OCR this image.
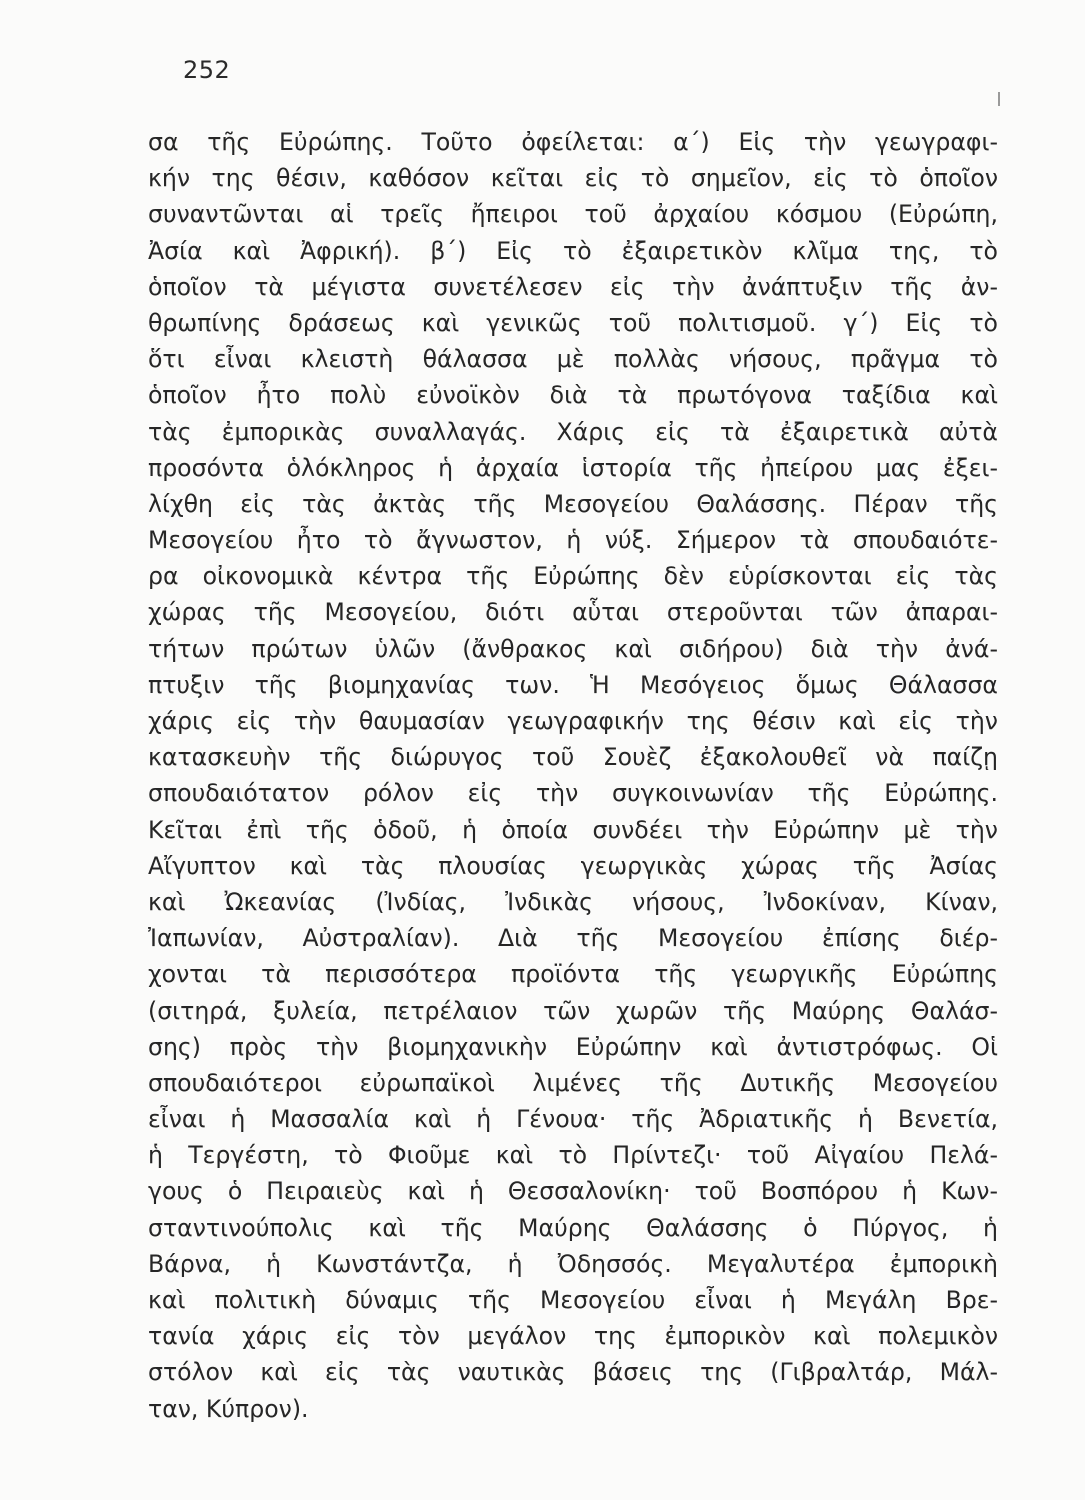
252
σα τῆς Εὐρώπης. Τοῦτο ὀφείλεται: α΄) Εἰς τὴν γεωγραφι-
κήν της θέσιν, καθόσον κεῖται εἰς τὸ σημεῖον, εἰς τὸ ὁποῖον
συναντῶνται αἱ τρεῖς ἤπειροι τοῦ ἀρχαίου κόσμου (Εὐρώπη,
Ἀσία καὶ Ἀφρική). β΄) Εἰς τὸ ἐξαιρετικὸν κλῖμα της, τὸ
ὁποῖον τὰ μέγιστα συνετέλεσεν εἰς τὴν ἀνάπτυξιν τῆς ἀν-
θρωπίνης δράσεως καὶ γενικῶς τοῦ πολιτισμοῦ. γ΄) Εἰς τὸ
ὅτι εἶναι κλειστὴ θάλασσα μὲ πολλὰς νήσους, πρᾶγμα τὸ
ὁποῖον ἦτο πολὺ εὐνοϊκὸν διὰ τὰ πρωτόγονα ταξίδια καὶ
τὰς ἐμπορικὰς συναλλαγάς. Χάρις εἰς τὰ ἐξαιρετικὰ αὐτὰ
προσόντα ὁλόκληρος ἡ ἀρχαία ἱστορία τῆς ἠπείρου μας ἐξει-
λίχθη εἰς τὰς ἀκτὰς τῆς Μεσογείου Θαλάσσης. Πέραν τῆς
Μεσογείου ἦτο τὸ ἄγνωστον, ἡ νύξ. Σήμερον τὰ σπουδαιότε-
ρα οἰκονομικὰ κέντρα τῆς Εὐρώπης δὲν εὑρίσκονται εἰς τὰς
χώρας τῆς Μεσογείου, διότι αὗται στεροῦνται τῶν ἀπαραι-
τήτων πρώτων ὑλῶν (ἄνθρακος καὶ σιδήρου) διὰ τὴν ἀνά-
πτυξιν τῆς βιομηχανίας των. Ἡ Μεσόγειος ὅμως Θάλασσα
χάρις εἰς τὴν θαυμασίαν γεωγραφικήν της θέσιν καὶ εἰς τὴν
κατασκευὴν τῆς διώρυγος τοῦ Σουὲζ ἐξακολουθεῖ νὰ παίζῃ
σπουδαιότατον ρόλον εἰς τὴν συγκοινωνίαν τῆς Εὐρώπης.
Κεῖται ἐπὶ τῆς ὁδοῦ, ἡ ὁποία συνδέει τὴν Εὐρώπην μὲ τὴν
Αἴγυπτον καὶ τὰς πλουσίας γεωργικὰς χώρας τῆς Ἀσίας
καὶ Ὠκεανίας (Ἰνδίας, Ἰνδικὰς νήσους, Ἰνδοκίναν, Κίναν,
Ἰαπωνίαν, Αὐστραλίαν). Διὰ τῆς Μεσογείου ἐπίσης διέρ-
χονται τὰ περισσότερα προϊόντα τῆς γεωργικῆς Εὐρώπης
(σιτηρά, ξυλεία, πετρέλαιον τῶν χωρῶν τῆς Μαύρης Θαλάσ-
σης) πρὸς τὴν βιομηχανικὴν Εὐρώπην καὶ ἀντιστρόφως. Οἱ
σπουδαιότεροι εὐρωπαϊκοὶ λιμένες τῆς Δυτικῆς Μεσογείου
εἶναι ἡ Μασσαλία καὶ ἡ Γένουα· τῆς Ἀδριατικῆς ἡ Βενετία,
ἡ Τεργέστη, τὸ Φιοῦμε καὶ τὸ Πρίντεζι· τοῦ Αἰγαίου Πελά-
γους ὁ Πειραιεὺς καὶ ἡ Θεσσαλονίκη· τοῦ Βοσπόρου ἡ Κων-
σταντινούπολις καὶ τῆς Μαύρης Θαλάσσης ὁ Πύργος, ἡ
Βάρνα, ἡ Κωνστάντζα, ἡ Ὀδησσός. Μεγαλυτέρα ἐμπορικὴ
καὶ πολιτικὴ δύναμις τῆς Μεσογείου εἶναι ἡ Μεγάλη Βρε-
τανία χάρις εἰς τὸν μεγάλον της ἐμπορικὸν καὶ πολεμικὸν
στόλον καὶ εἰς τὰς ναυτικὰς βάσεις της (Γιβραλτάρ, Μάλ-
ταν, Κύπρον).
